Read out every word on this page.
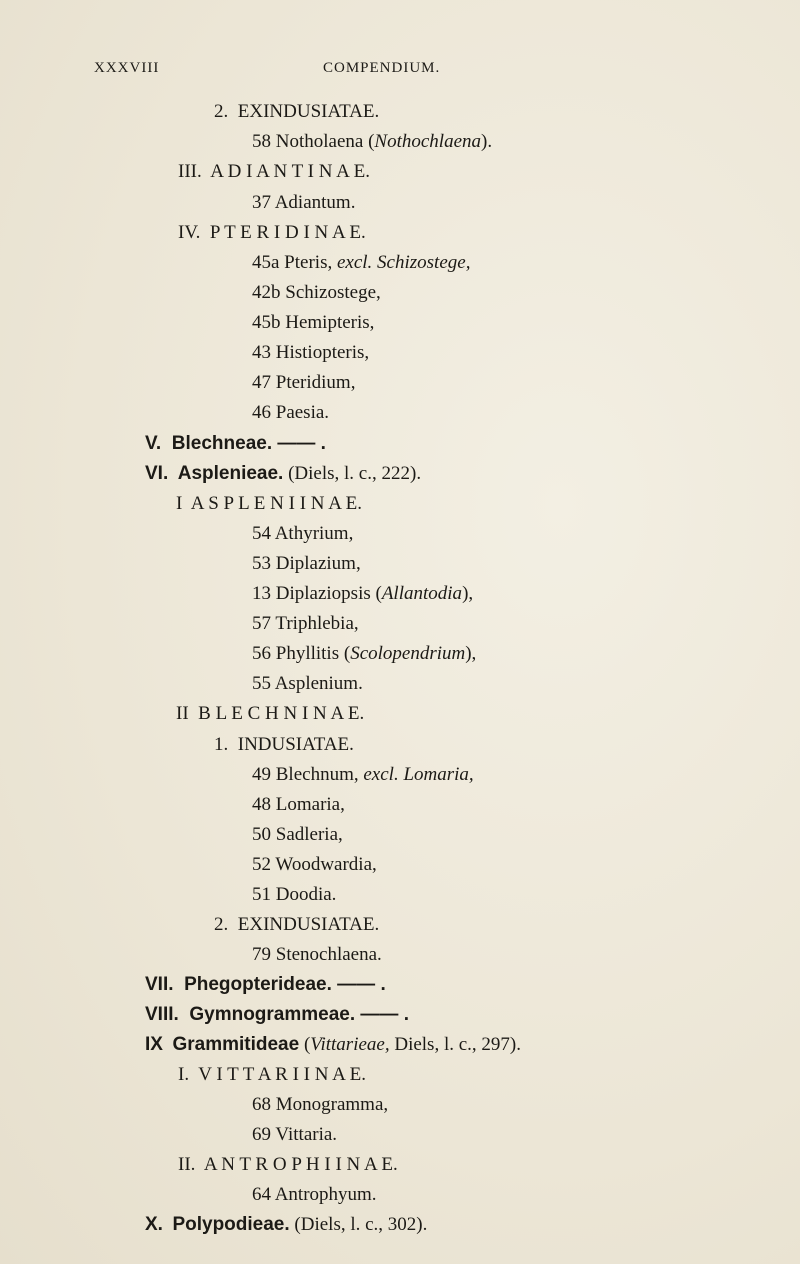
XXXVIII	COMPENDIUM.
2. EXINDUSIATAE.
58 Notholaena (Nothochlaena).
III. A D I A N T I N A E.
37 Adiantum.
IV. P T E R I D I N A E.
45a Pteris, excl. Schizostege,
42b Schizostege,
45b Hemipteris,
43 Histiopteris,
47 Pteridium,
46 Paesia.
V. Blechneae. —— .
VI. Asplenieae. (Diels, l. c., 222).
I A S P L E N I I N A E.
54 Athyrium,
53 Diplazium,
13 Diplaziopsis (Allantodia),
57 Triphlebia,
56 Phyllitis (Scolopendrium),
55 Asplenium.
II B L E C H N I N A E.
1. INDUSIATAE.
49 Blechnum, excl. Lomaria,
48 Lomaria,
50 Sadleria,
52 Woodwardia,
51 Doodia.
2. EXINDUSIATAE.
79 Stenochlaena.
VII. Phegopterideae. —— .
VIII. Gymnogrammeae. —— .
IX Grammitideae (Vittarieae, Diels, l. c., 297).
I. V I T T A R I I N A E.
68 Monogramma,
69 Vittaria.
II. A N T R O P H I I N A E.
64 Antrophyum.
X. Polypodieae. (Diels, l. c., 302).
